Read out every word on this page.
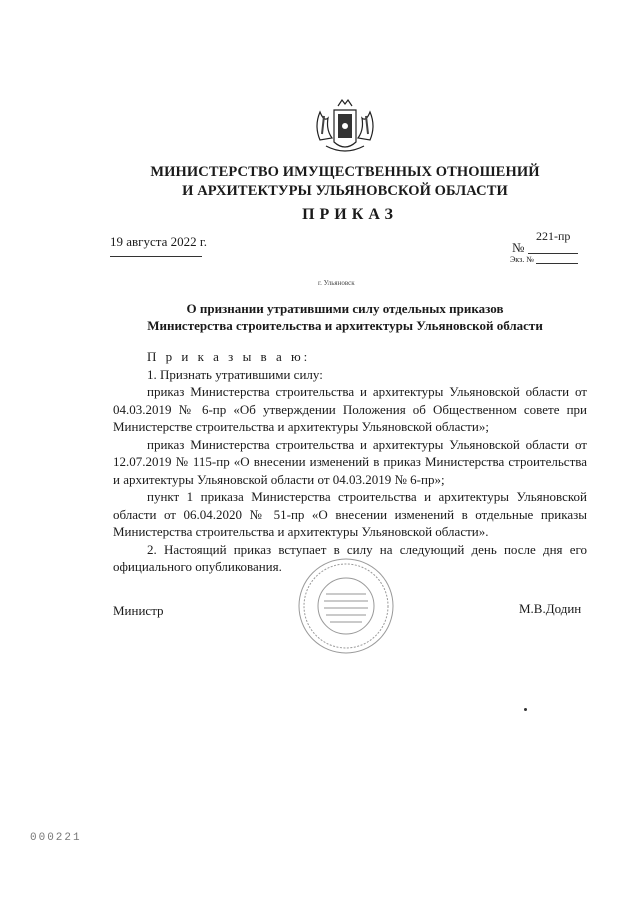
МИНИСТЕРСТВО ИМУЩЕСТВЕННЫХ ОТНОШЕНИЙ
И АРХИТЕКТУРЫ УЛЬЯНОВСКОЙ ОБЛАСТИ
ПРИКАЗ
19 августа 2022 г.	221-пр
№
Экз. №
г. Ульяновск
О признании утратившими силу отдельных приказов
Министерства строительства и архитектуры Ульяновской области

П р и к а з ы в а ю:

1. Признать утратившими силу:

приказ Министерства строительства и архитектуры Ульяновской области от 04.03.2019 № 6-пр «Об утверждении Положения об Общественном совете при Министерстве строительства и архитектуры Ульяновской области»;

приказ Министерства строительства и архитектуры Ульяновской области от 12.07.2019 № 115-пр «О внесении изменений в приказ Министерства строительства и архитектуры Ульяновской области от 04.03.2019 № 6-пр»;

пункт 1 приказа Министерства строительства и архитектуры Ульяновской области от 06.04.2020 № 51-пр «О внесении изменений в отдельные приказы Министерства строительства и архитектуры Ульяновской области».

2. Настоящий приказ вступает в силу на следующий день после дня его официального опубликования.

Министр	М.В.Додин
000221
